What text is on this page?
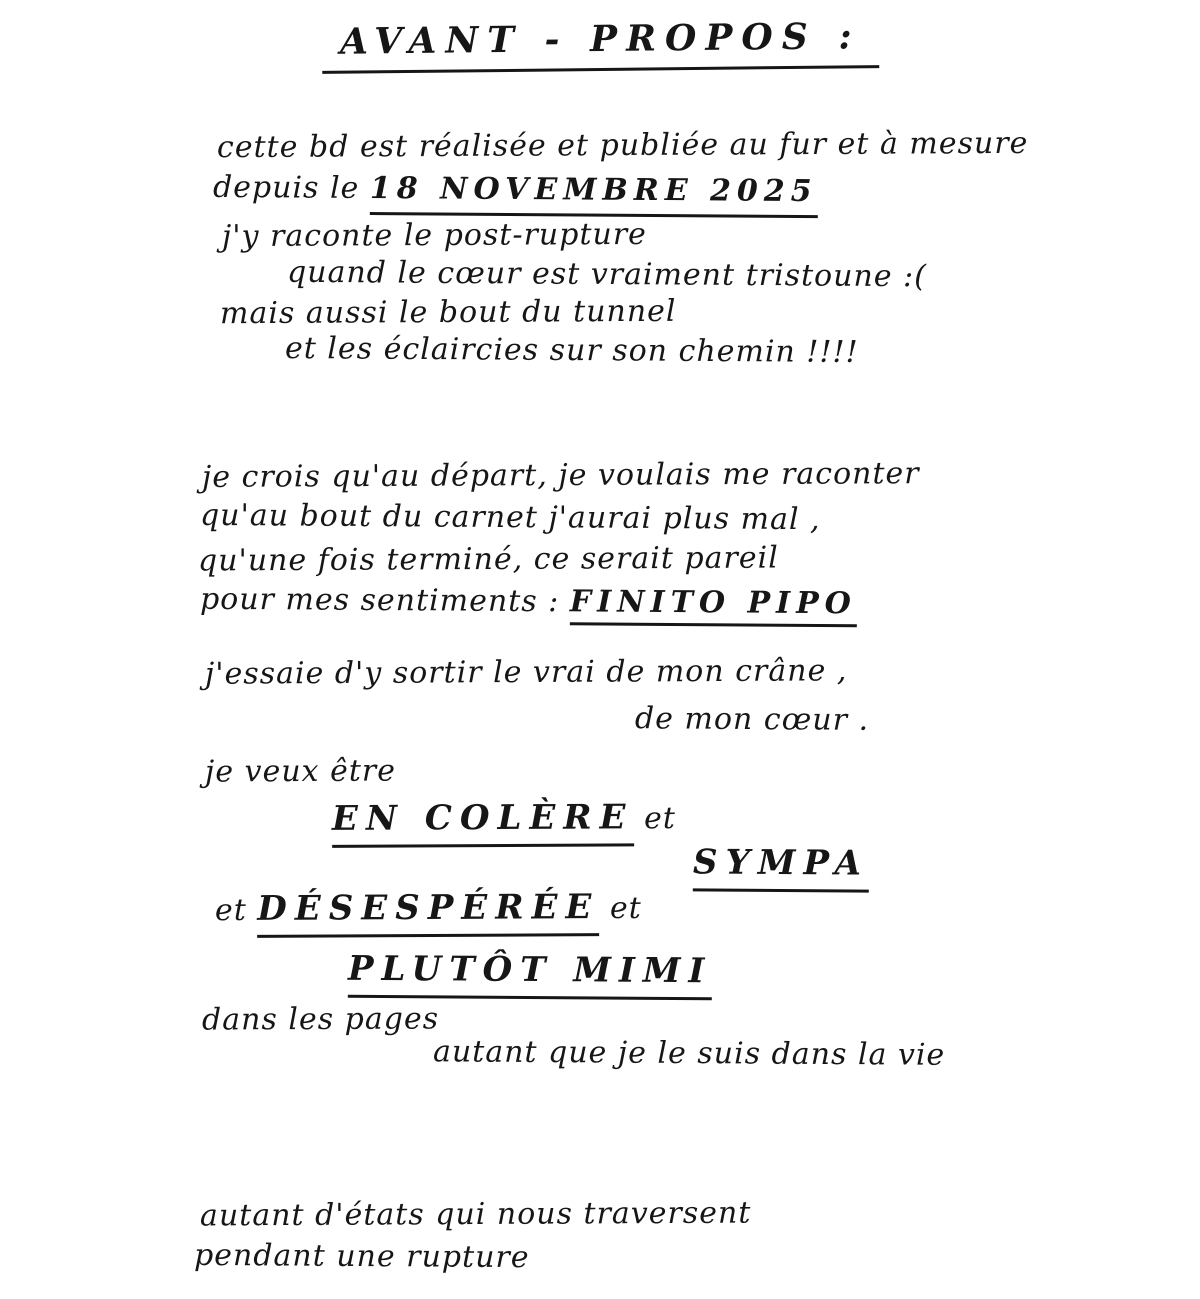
AVANT - PROPOS :
cette bd est réalisée et publiée au fur et à mesure
depuis le 18 NOVEMBRE 2025
j'y raconte le post-rupture
quand le cœur est vraiment tristoune :(
mais aussi le bout du tunnel
et les éclaircies sur son chemin !!!!
je crois qu'au départ, je voulais me raconter
qu'au bout du carnet j'aurai plus mal ,
qu'une fois terminé, ce serait pareil
pour mes sentiments : FINITO PIPO
j'essaie d'y sortir le vrai de mon crâne ,
de mon cœur .
je veux être
EN COLÈRE et
SYMPA
et DÉSESPÉRÉE et
PLUTÔT MIMI
dans les pages
autant que je le suis dans la vie
autant d'états qui nous traversent
pendant une rupture
